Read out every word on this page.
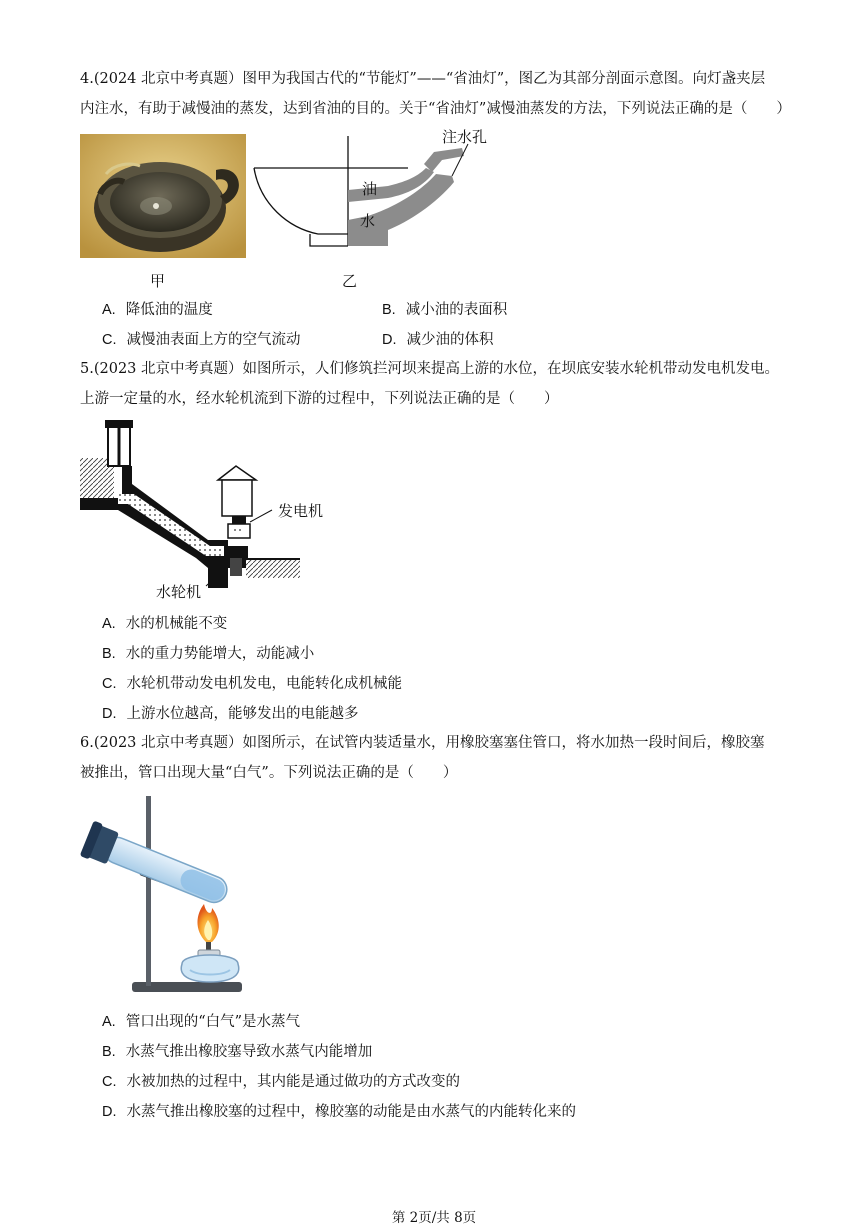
4.(2024 北京中考真题）图甲为我国古代的“节能灯”——“省油灯”，图乙为其部分剖面示意图。向灯盏夹层
内注水，有助于减慢油的蒸发，达到省油的目的。关于“省油灯”减慢油蒸发的方法，下列说法正确的是（　　）
甲
注水孔
油
水
乙
A. 降低油的温度	B. 减小油的表面积
C. 减慢油表面上方的空气流动	D. 减少油的体积
5.(2023 北京中考真题）如图所示，人们修筑拦河坝来提高上游的水位，在坝底安装水轮机带动发电机发电。
上游一定量的水，经水轮机流到下游的过程中，下列说法正确的是（　　）
发电机
水轮机
A. 水的机械能不变
B. 水的重力势能增大，动能减小
C. 水轮机带动发电机发电，电能转化成机械能
D. 上游水位越高，能够发出的电能越多
6.(2023 北京中考真题）如图所示，在试管内装适量水，用橡胶塞塞住管口，将水加热一段时间后，橡胶塞
被推出，管口出现大量“白气”。下列说法正确的是（　　）
A. 管口出现的“白气”是水蒸气
B. 水蒸气推出橡胶塞导致水蒸气内能增加
C. 水被加热的过程中，其内能是通过做功的方式改变的
D. 水蒸气推出橡胶塞的过程中，橡胶塞的动能是由水蒸气的内能转化来的
第 2页/共 8页
